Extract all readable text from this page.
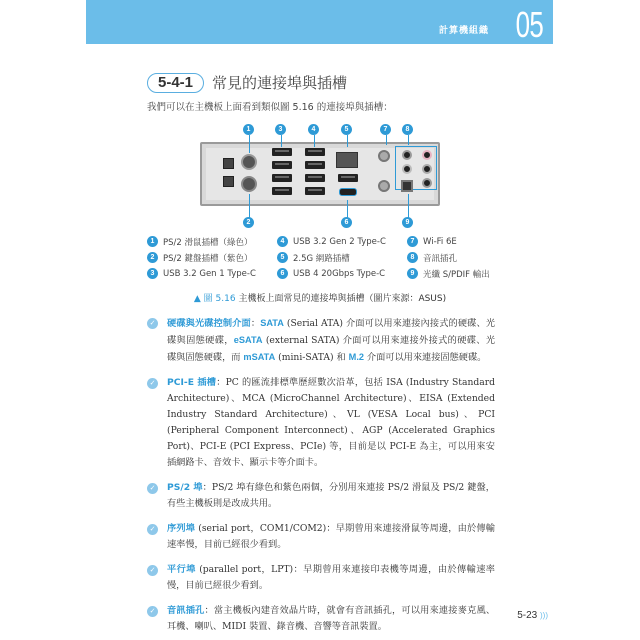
計算機組織 05
5-4-1	常見的連接埠與插槽
我們可以在主機板上面看到類似圖 5.16 的連接埠與插槽：
1	3	4	5	7	8
2	6	9
1	PS/2 滑鼠插槽（綠色）	4	USB 3.2 Gen 2 Type-C	7	Wi-Fi 6E
2	PS/2 鍵盤插槽（紫色）	5	2.5G 網路插槽	8	音訊插孔
3	USB 3.2 Gen 1 Type-C	6	USB 4 20Gbps Type-C	9	光纖 S/PDIF 輸出
▲ 圖 5.16 主機板上面常見的連接埠與插槽（圖片來源：ASUS)
✓ 硬碟與光碟控制介面：SATA (Serial ATA) 介面可以用來連接內接式的硬碟、光碟與固態硬碟，eSATA (external SATA) 介面可以用來連接外接式的硬碟、光碟與固態硬碟，而 mSATA (mini-SATA) 和 M.2 介面可以用來連接固態硬碟。
✓ PCI-E 插槽：PC 的匯流排標準歷經數次沿革，包括 ISA (Industry Standard Architecture)、MCA (MicroChannel Architecture)、EISA (Extended Industry Standard Architecture)、VL (VESA Local bus)、PCI (Peripheral Component Interconnect)、AGP (Accelerated Graphics Port)、PCI-E (PCI Express、PCIe) 等，目前是以 PCI-E 為主，可以用來安插網路卡、音效卡、顯示卡等介面卡。
✓ PS/2 埠：PS/2 埠有綠色和紫色兩個，分別用來連接 PS/2 滑鼠及 PS/2 鍵盤，有些主機板則是改成共用。
✓ 序列埠 (serial port，COM1/COM2)：早期曾用來連接滑鼠等周邊，由於傳輸速率慢，目前已經很少看到。
✓ 平行埠 (parallel port，LPT)：早期曾用來連接印表機等周邊，由於傳輸速率慢，目前已經很少看到。
✓ 音訊插孔：當主機板內建音效晶片時，就會有音訊插孔，可以用來連接麥克風、耳機、喇叭、MIDI 裝置、錄音機、音響等音訊裝置。
5-23 )))
